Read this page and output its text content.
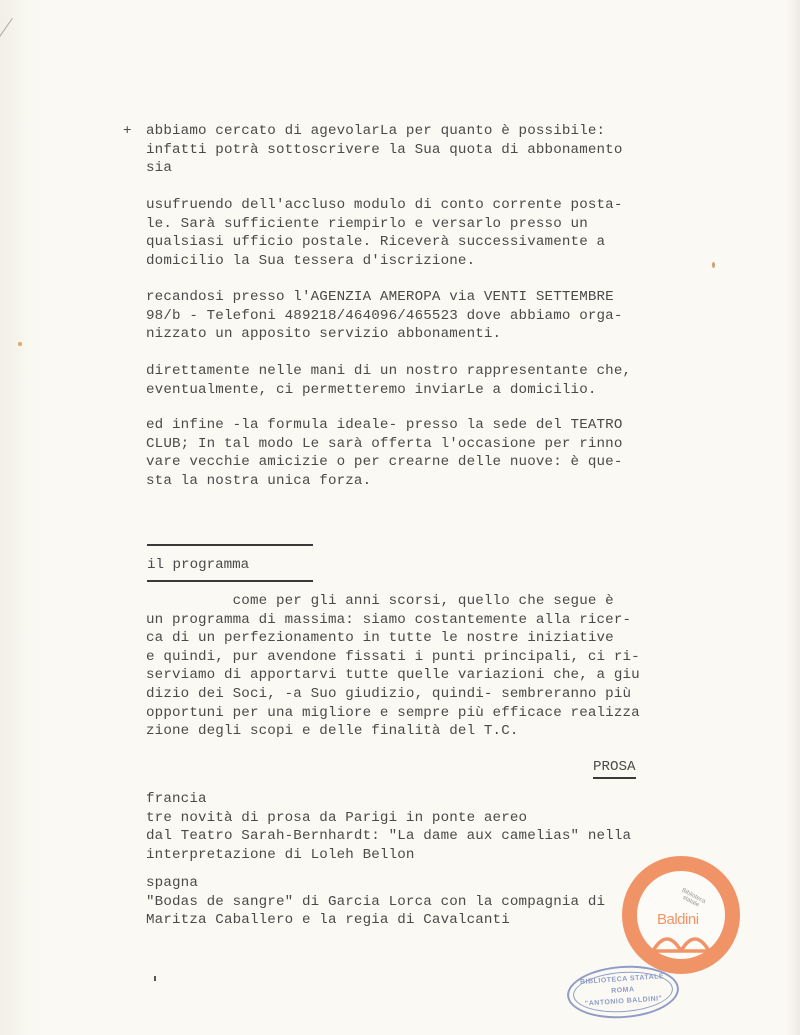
+ abbiamo cercato di agevolarLa per quanto è possibile:
infatti potrà sottoscrivere la Sua quota di abbonamento
sia
usufruendo dell'accluso modulo di conto corrente posta-
le. Sarà sufficiente riempirlo e versarlo presso un
qualsiasi ufficio postale. Riceverà successivamente a
domicilio la Sua tessera d'iscrizione.
recandosi presso l'AGENZIA AMEROPA via VENTI SETTEMBRE
98/b - Telefoni 489218/464096/465523 dove abbiamo orga-
nizzato un apposito servizio abbonamenti.
direttamente nelle mani di un nostro rappresentante che,
eventualmente, ci permetteremo inviarLe a domicilio.
ed infine -la formula ideale- presso la sede del TEATRO
CLUB; In tal modo Le sarà offerta l'occasione per rinno
vare vecchie amicizie o per crearne delle nuove: è que-
sta la nostra unica forza.
il programma
come per gli anni scorsi, quello che segue è
un programma di massima: siamo costantemente alla ricer-
ca di un perfezionamento in tutte le nostre iniziative
e quindi, pur avendone fissati i punti principali, ci ri-
serviamo di apportarvi tutte quelle variazioni che, a giu
dizio dei Soci, -a Suo giudizio, quindi- sembreranno più
opportuni per una migliore e sempre più efficace realizza
zione degli scopi e delle finalità del T.C.
PROSA
francia
tre novità di prosa da Parigi in ponte aereo
dal Teatro Sarah-Bernhardt: "La dame aux camelias" nella
interpretazione di Loleh Bellon
spagna
"Bodas de sangre" di Garcia Lorca con la compagnia di
Maritza Caballero e la regia di Cavalcanti
Biblioteca statale
Baldini
BIBLIOTECA STATALE
ROMA
"ANTONIO BALDINI"
